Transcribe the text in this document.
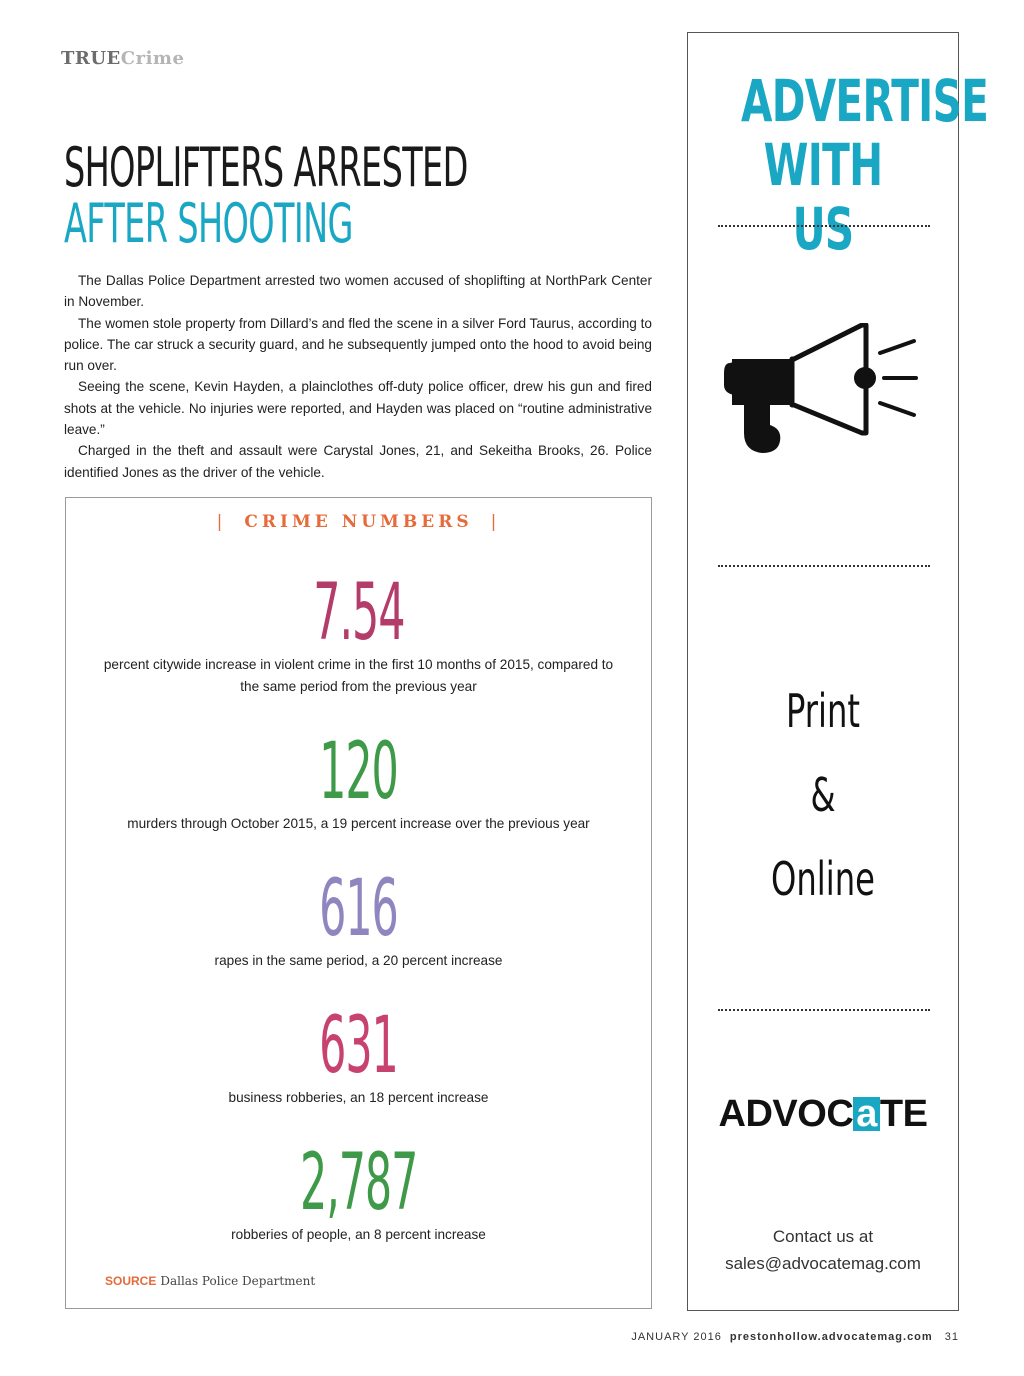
TRUECrime
SHOPLIFTERS ARRESTED
AFTER SHOOTING

The Dallas Police Department arrested two women accused of shoplifting at NorthPark Center in November.

The women stole property from Dillard’s and fled the scene in a silver Ford Taurus, according to police. The car struck a security guard, and he subsequently jumped onto the hood to avoid being run over.

Seeing the scene, Kevin Hayden, a plainclothes off-duty police officer, drew his gun and fired shots at the vehicle. No injuries were reported, and Hayden was placed on “routine administrative leave.”

Charged in the theft and assault were Carystal Jones, 21, and Sekeitha Brooks, 26. Police identified Jones as the driver of the vehicle.

| CRIME NUMBERS |
7.54
percent citywide increase in violent crime in the first 10 months of 2015, compared to the same period from the previous year
120
murders through October 2015, a 19 percent increase over the previous year
616
rapes in the same period, a 20 percent increase
631
business robberies, an 18 percent increase
2,787
robberies of people, an 8 percent increase
SOURCE Dallas Police Department
ADVERTISE
WITH US
Print
&
Online
ADVOCaTE
Contact us at
sales@advocatemag.com
JANUARY 2016 prestonhollow.advocatemag.com 31
